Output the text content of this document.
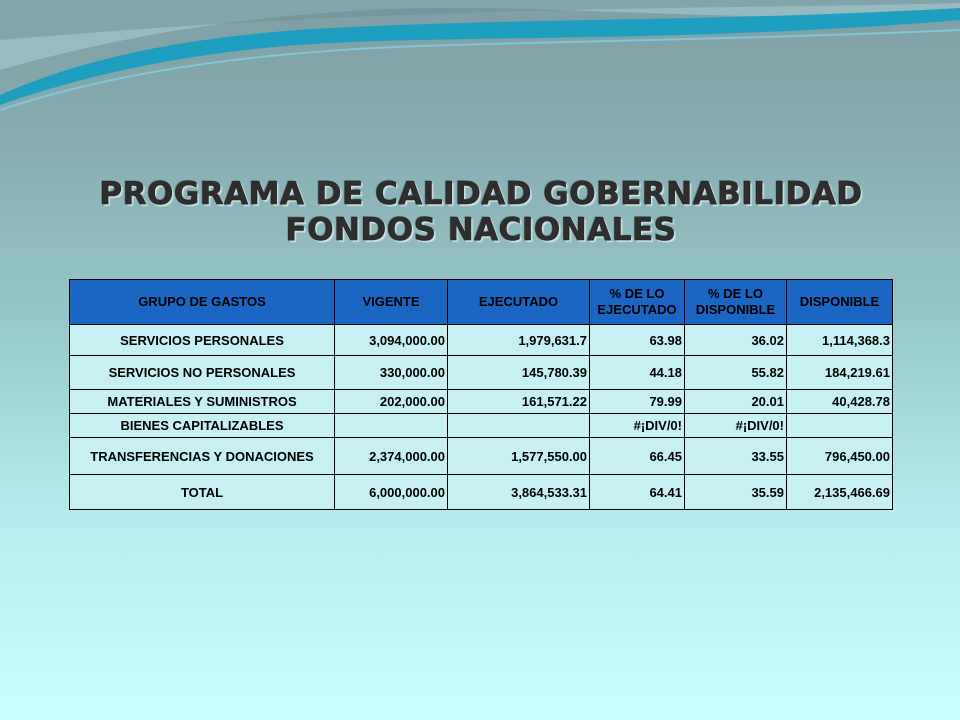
PROGRAMA DE CALIDAD GOBERNABILIDAD FONDOS NACIONALES
GRUPO DE GASTOS	VIGENTE	EJECUTADO	% DE LO EJECUTADO	% DE LO DISPONIBLE	DISPONIBLE
SERVICIOS PERSONALES	3,094,000.00	1,979,631.7	63.98	36.02	1,114,368.3
SERVICIOS NO PERSONALES	330,000.00	145,780.39	44.18	55.82	184,219.61
MATERIALES Y SUMINISTROS	202,000.00	161,571.22	79.99	20.01	40,428.78
BIENES CAPITALIZABLES			#¡DIV/0!	#¡DIV/0!	
TRANSFERENCIAS Y DONACIONES	2,374,000.00	1,577,550.00	66.45	33.55	796,450.00
TOTAL	6,000,000.00	3,864,533.31	64.41	35.59	2,135,466.69
